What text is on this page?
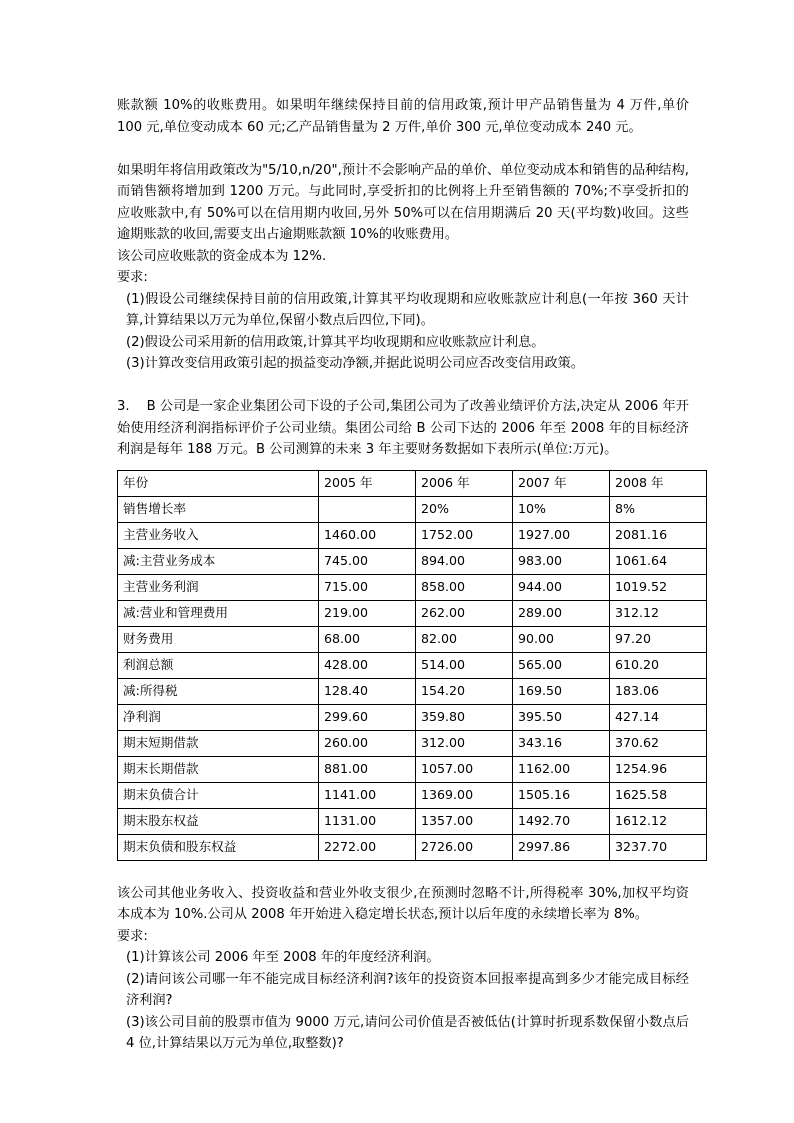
账款额 10%的收账费用。如果明年继续保持目前的信用政策,预计甲产品销售量为 4 万件,单价 100 元,单位变动成本 60 元;乙产品销售量为 2 万件,单价 300 元,单位变动成本 240 元。

如果明年将信用政策改为"5/10,n/20",预计不会影响产品的单价、单位变动成本和销售的品种结构,而销售额将增加到 1200 万元。与此同时,享受折扣的比例将上升至销售额的 70%;不享受折扣的应收账款中,有 50%可以在信用期内收回,另外 50%可以在信用期满后 20 天(平均数)收回。这些逾期账款的收回,需要支出占逾期账款额 10%的收账费用。

该公司应收账款的资金成本为 12%.

要求:

(1)假设公司继续保持目前的信用政策,计算其平均收现期和应收账款应计利息(一年按 360 天计算,计算结果以万元为单位,保留小数点后四位,下同)。

(2)假设公司采用新的信用政策,计算其平均收现期和应收账款应计利息。

(3)计算改变信用政策引起的损益变动净额,并据此说明公司应否改变信用政策。

3. B 公司是一家企业集团公司下设的子公司,集团公司为了改善业绩评价方法,决定从 2006 年开始使用经济利润指标评价子公司业绩。集团公司给 B 公司下达的 2006 年至 2008 年的目标经济利润是每年 188 万元。B 公司测算的未来 3 年主要财务数据如下表所示(单位:万元)。

年份	2005 年	2006 年	2007 年	2008 年
销售增长率		20%	10%	8%
主营业务收入	1460.00	1752.00	1927.00	2081.16
减:主营业务成本	745.00	894.00	983.00	1061.64
主营业务利润	715.00	858.00	944.00	1019.52
减:营业和管理费用	219.00	262.00	289.00	312.12
财务费用	68.00	82.00	90.00	97.20
利润总额	428.00	514.00	565.00	610.20
减:所得税	128.40	154.20	169.50	183.06
净利润	299.60	359.80	395.50	427.14
期末短期借款	260.00	312.00	343.16	370.62
期末长期借款	881.00	1057.00	1162.00	1254.96
期末负债合计	1141.00	1369.00	1505.16	1625.58
期末股东权益	1131.00	1357.00	1492.70	1612.12
期末负债和股东权益	2272.00	2726.00	2997.86	3237.70

该公司其他业务收入、投资收益和营业外收支很少,在预测时忽略不计,所得税率 30%,加权平均资本成本为 10%.公司从 2008 年开始进入稳定增长状态,预计以后年度的永续增长率为 8%。

要求:

(1)计算该公司 2006 年至 2008 年的年度经济利润。

(2)请问该公司哪一年不能完成目标经济利润?该年的投资资本回报率提高到多少才能完成目标经济利润?

(3)该公司目前的股票市值为 9000 万元,请问公司价值是否被低估(计算时折现系数保留小数点后 4 位,计算结果以万元为单位,取整数)?
